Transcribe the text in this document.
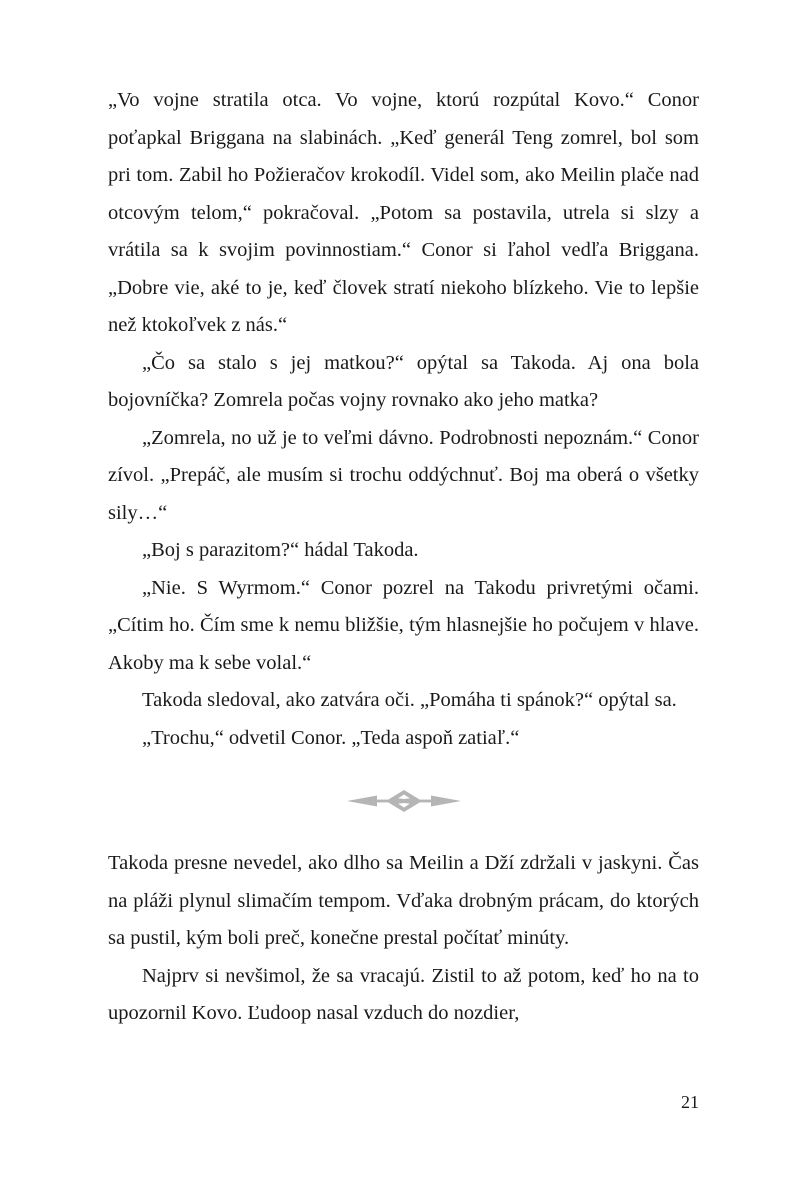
„Vo vojne stratila otca. Vo vojne, ktorú rozpútal Kovo.“ Conor poťapkal Briggana na slabinách. „Keď generál Teng zomrel, bol som pri tom. Zabil ho Požieračov krokodíl. Videl som, ako Meilin plače nad otcovým telom,“ pokračoval. „Potom sa postavila, utrela si slzy a vrátila sa k svojim povinnostiam.“ Conor si ľahol vedľa Briggana. „Dobre vie, aké to je, keď človek stratí niekoho blízkeho. Vie to lepšie než ktokoľvek z nás.“

„Čo sa stalo s jej matkou?“ opýtal sa Takoda. Aj ona bola bojovníčka? Zomrela počas vojny rovnako ako jeho matka?

„Zomrela, no už je to veľmi dávno. Podrobnosti nepoznám.“ Conor zívol. „Prepáč, ale musím si trochu oddýchnuť. Boj ma oberá o všetky sily…“

„Boj s parazitom?“ hádal Takoda.

„Nie. S Wyrmom.“ Conor pozrel na Takodu privretými očami. „Cítim ho. Čím sme k nemu bližšie, tým hlasnejšie ho počujem v hlave. Akoby ma k sebe volal.“

Takoda sledoval, ako zatvára oči. „Pomáha ti spánok?“ opýtal sa.

„Trochu,“ odvetil Conor. „Teda aspoň zatiaľ.“

Takoda presne nevedel, ako dlho sa Meilin a Dží zdržali v jaskyni. Čas na pláži plynul slimačím tempom. Vďaka drobným prácam, do ktorých sa pustil, kým boli preč, konečne prestal počítať minúty.

Najprv si nevšimol, že sa vracajú. Zistil to až potom, keď ho na to upozornil Kovo. Ľudoop nasal vzduch do nozdier,

21
